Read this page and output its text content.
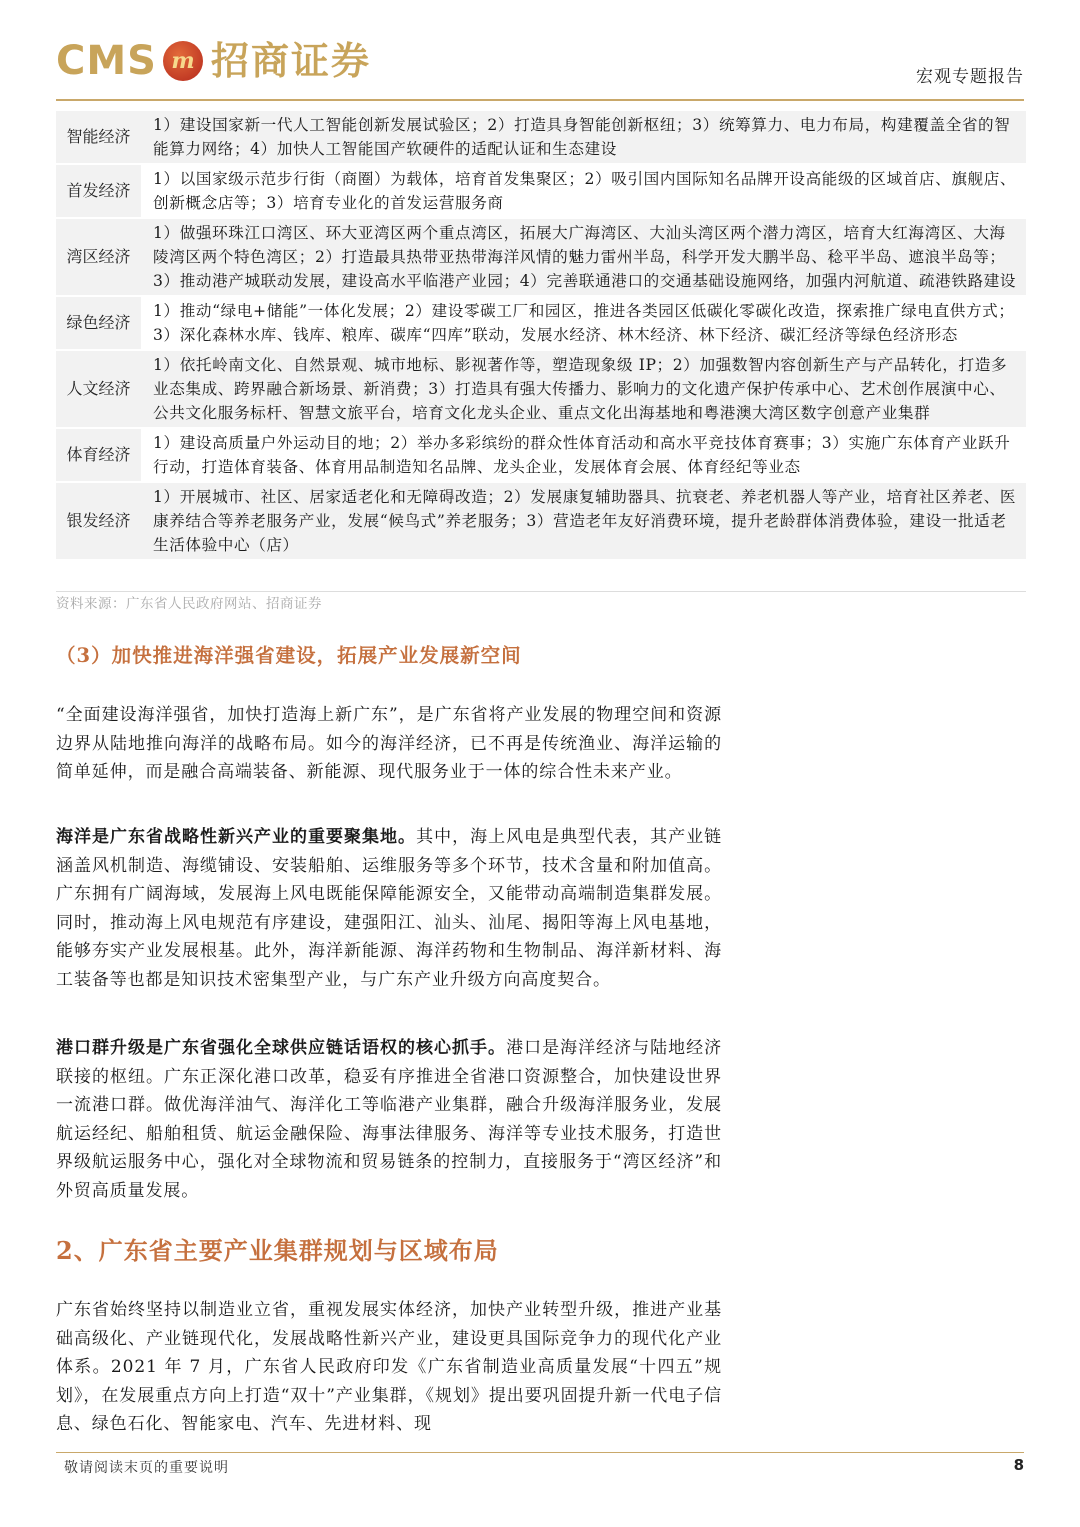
CMS m 招商证券	宏观专题报告
智能经济	1）建设国家新一代人工智能创新发展试验区；2）打造具身智能创新枢纽；3）统筹算力、电力布局，构建覆盖全省的智能算力网络；4）加快人工智能国产软硬件的适配认证和生态建设
首发经济	1）以国家级示范步行街（商圈）为载体，培育首发集聚区；2）吸引国内国际知名品牌开设高能级的区域首店、旗舰店、创新概念店等；3）培育专业化的首发运营服务商
湾区经济	1）做强环珠江口湾区、环大亚湾区两个重点湾区，拓展大广海湾区、大汕头湾区两个潜力湾区，培育大红海湾区、大海陵湾区两个特色湾区；2）打造最具热带亚热带海洋风情的魅力雷州半岛，科学开发大鹏半岛、稔平半岛、遮浪半岛等；3）推动港产城联动发展，建设高水平临港产业园；4）完善联通港口的交通基础设施网络，加强内河航道、疏港铁路建设
绿色经济	1）推动“绿电+储能”一体化发展；2）建设零碳工厂和园区，推进各类园区低碳化零碳化改造，探索推广绿电直供方式；3）深化森林水库、钱库、粮库、碳库“四库”联动，发展水经济、林木经济、林下经济、碳汇经济等绿色经济形态
人文经济	1）依托岭南文化、自然景观、城市地标、影视著作等，塑造现象级 IP；2）加强数智内容创新生产与产品转化，打造多业态集成、跨界融合新场景、新消费；3）打造具有强大传播力、影响力的文化遗产保护传承中心、艺术创作展演中心、公共文化服务标杆、智慧文旅平台，培育文化龙头企业、重点文化出海基地和粤港澳大湾区数字创意产业集群
体育经济	1）建设高质量户外运动目的地；2）举办多彩缤纷的群众性体育活动和高水平竞技体育赛事；3）实施广东体育产业跃升行动，打造体育装备、体育用品制造知名品牌、龙头企业，发展体育会展、体育经纪等业态
银发经济	1）开展城市、社区、居家适老化和无障碍改造；2）发展康复辅助器具、抗衰老、养老机器人等产业，培育社区养老、医康养结合等养老服务产业，发展“候鸟式”养老服务；3）营造老年友好消费环境，提升老龄群体消费体验，建设一批适老生活体验中心（店）
资料来源：广东省人民政府网站、招商证券
（3）加快推进海洋强省建设，拓展产业发展新空间

“全面建设海洋强省，加快打造海上新广东”，是广东省将产业发展的物理空间和资源边界从陆地推向海洋的战略布局。如今的海洋经济，已不再是传统渔业、海洋运输的简单延伸，而是融合高端装备、新能源、现代服务业于一体的综合性未来产业。

海洋是广东省战略性新兴产业的重要聚集地。其中，海上风电是典型代表，其产业链涵盖风机制造、海缆铺设、安装船舶、运维服务等多个环节，技术含量和附加值高。广东拥有广阔海域，发展海上风电既能保障能源安全，又能带动高端制造集群发展。同时，推动海上风电规范有序建设，建强阳江、汕头、汕尾、揭阳等海上风电基地，能够夯实产业发展根基。此外，海洋新能源、海洋药物和生物制品、海洋新材料、海工装备等也都是知识技术密集型产业，与广东产业升级方向高度契合。

港口群升级是广东省强化全球供应链话语权的核心抓手。港口是海洋经济与陆地经济联接的枢纽。广东正深化港口改革，稳妥有序推进全省港口资源整合，加快建设世界一流港口群。做优海洋油气、海洋化工等临港产业集群，融合升级海洋服务业，发展航运经纪、船舶租赁、航运金融保险、海事法律服务、海洋等专业技术服务，打造世界级航运服务中心，强化对全球物流和贸易链条的控制力，直接服务于“湾区经济”和外贸高质量发展。

2、广东省主要产业集群规划与区域布局

广东省始终坚持以制造业立省，重视发展实体经济，加快产业转型升级，推进产业基础高级化、产业链现代化，发展战略性新兴产业，建设更具国际竞争力的现代化产业体系。2021 年 7 月，广东省人民政府印发《广东省制造业高质量发展“十四五”规划》，在发展重点方向上打造“双十”产业集群，《规划》提出要巩固提升新一代电子信息、绿色石化、智能家电、汽车、先进材料、现

敬请阅读末页的重要说明	8
